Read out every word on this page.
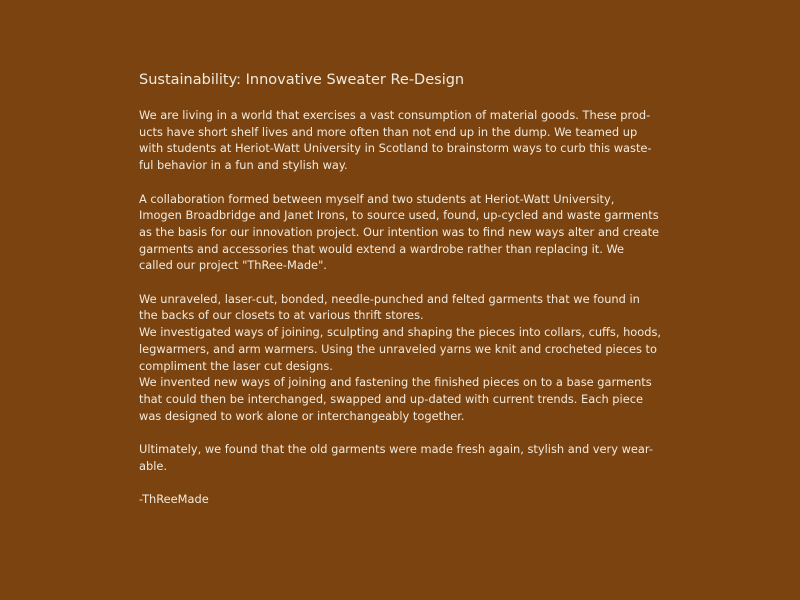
Sustainability: Innovative Sweater Re-Design

We are living in a world that exercises a vast consumption of material goods. These prod-
ucts have short shelf lives and more often than not end up in the dump. We teamed up
with students at Heriot-Watt University in Scotland to brainstorm ways to curb this waste-
ful behavior in a fun and stylish way.

A collaboration formed between myself and two students at Heriot-Watt University,
Imogen Broadbridge and Janet Irons, to source used, found, up-cycled and waste garments
as the basis for our innovation project. Our intention was to find new ways alter and create
garments and accessories that would extend a wardrobe rather than replacing it. We
called our project "ThRee-Made".

We unraveled, laser-cut, bonded, needle-punched and felted garments that we found in
the backs of our closets to at various thrift stores.
We investigated ways of joining, sculpting and shaping the pieces into collars, cuffs, hoods,
legwarmers, and arm warmers. Using the unraveled yarns we knit and crocheted pieces to
compliment the laser cut designs.
We invented new ways of joining and fastening the finished pieces on to a base garments
that could then be interchanged, swapped and up-dated with current trends. Each piece
was designed to work alone or interchangeably together.

Ultimately, we found that the old garments were made fresh again, stylish and very wear-
able.

-ThReeMade
